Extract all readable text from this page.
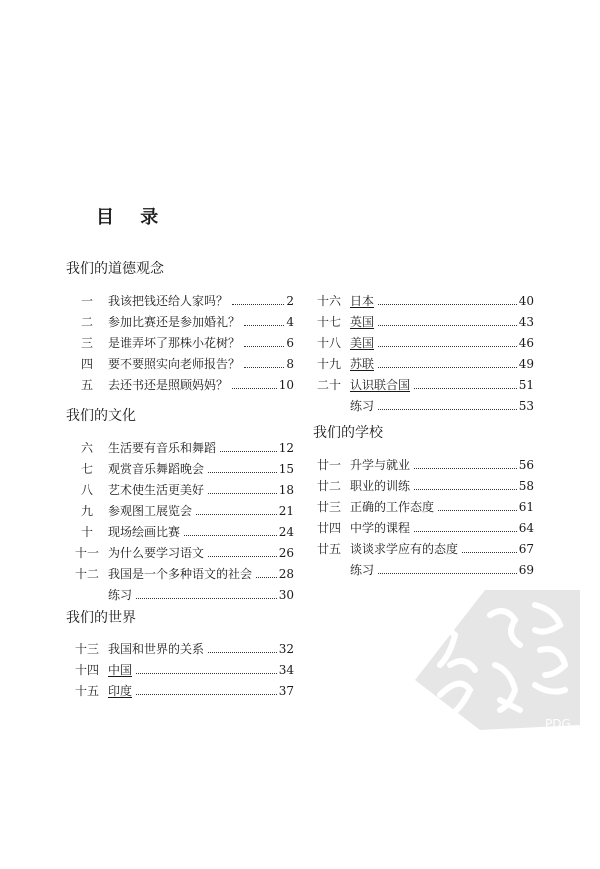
目 录
我们的道德观念
一	我该把钱还给人家吗？	2
二	参加比赛还是参加婚礼？	4
三	是谁弄坏了那株小花树？	6
四	要不要照实向老师报告？	8
五	去还书还是照顾妈妈？	10
我们的文化
六	生活要有音乐和舞蹈	12
七	观赏音乐舞蹈晚会	15
八	艺术使生活更美好	18
九	参观图工展览会	21
十	现场绘画比赛	24
十一 为什么要学习语文	26
十二 我国是一个多种语文的社会 28
练习	30
我们的世界
十三 我国和世界的关系	32
十四 中国	34
十五 印度	37
十六 日本	40
十七 英国	43
十八 美国	46
十九 苏联	49
二十 认识联合国	51
练习	53
我们的学校
廿一 升学与就业	56
廿二 职业的训练	58
廿三 正确的工作态度	61
廿四 中学的课程	64
廿五 谈谈求学应有的态度	67
练习	69
PDG
